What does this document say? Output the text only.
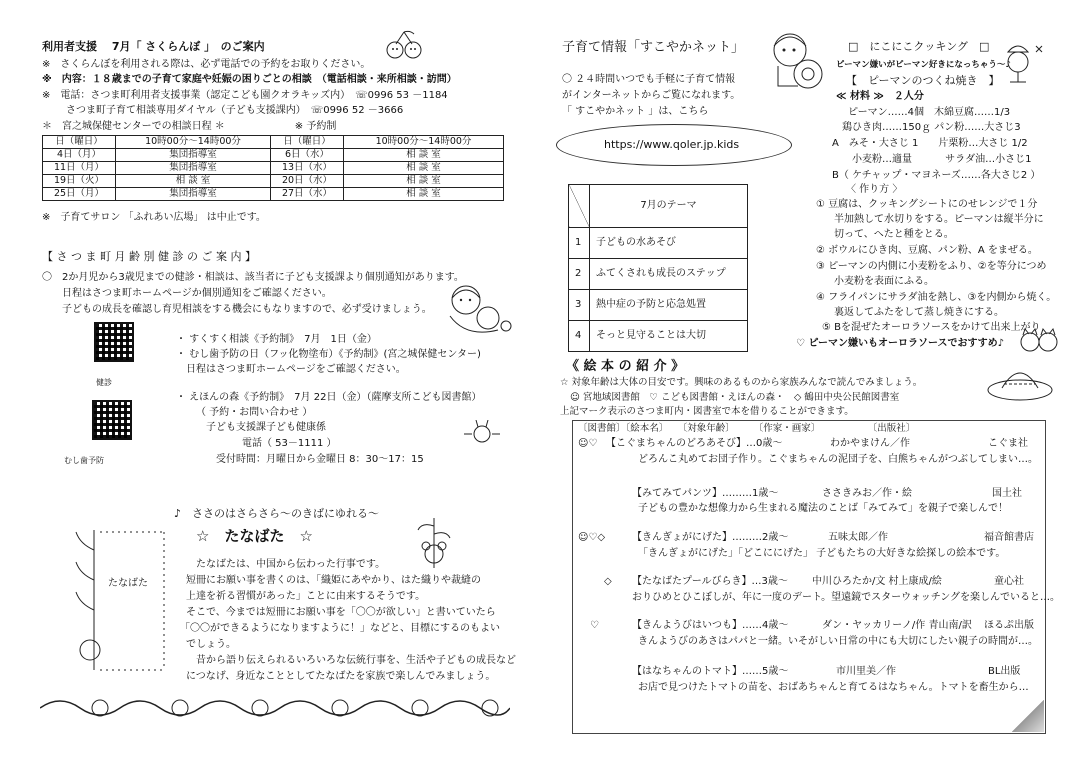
利用者支援　 7月「 さくらんぼ 」　のご案内
※　さくらんぼを利用される際は、必ず電話での予約をお取りください。
※　内容：１８歳までの子育て家庭や妊娠の困りごとの相談　（電話相談・来所相談・訪問）
※　電話：さつま町利用者支援事業（認定こども園クオラキッズ内）　☏0996 53 －1184
さつま町子育て相談専用ダイヤル（子ども支援課内）　☏0996 52 －3666
＊　宮之城保健センターでの相談日程 ＊　　　　　　　※ 予約制
日（曜日）	10時00分～14時00分	日（曜日）	10時00分～14時00分
4日（月）	集団指導室	6日（水）	相 談 室
11日（月）	集団指導室	13日（水）	相 談 室
19日（火）	相 談 室	20日（水）	相 談 室
25日（月）	集団指導室	27日（水）	相 談 室
※　子育てサロン 「ふれあい広場」 は中止です。
【 さ つ ま 町 月 齢 別 健 診 の ご 案 内 】
〇　2か月児から3歳児までの健診・相談は、該当者に子ども支援課より個別通知があります。
日程はさつま町ホームページか個別通知をご確認ください。
子どもの成長を確認し育児相談をする機会にもなりますので、必ず受けましょう。
健診
・ すくすく相談《予約制》　7月　1日（金）
・ むし歯予防の日（フッ化物塗布）《予約制》(宮之城保健センター)
日程はさつま町ホームページをご確認ください。
むし歯予防
・ えほんの森《予約制》　7月 22日（金）（薩摩支所こども図書館）
（ 予約・お問い合わせ ）
子ども支援課子ども健康係
電話（ 53－1111 ）
受付時間：月曜日から金曜日 8：30～17：15
♪　ささのはさらさら～のきばにゆれる～
たなばた
☆　たなばた　☆
たなばたは、中国から伝わった行事です。
短冊にお願い事を書くのは、「織姫にあやかり、はた織りや裁縫の
上達を祈る習慣があった」ことに由来するそうです。
そこで、今までは短冊にお願い事を「〇〇が欲しい」と書いていたら
「〇〇ができるようになりますように！」などと、目標にするのもよい
でしょう。
昔から語り伝えられるいろいろな伝統行事を、生活や子どもの成長など
につなげ、身近なこととしてたなばたを家族で楽しんでみましょう。
子育て情報「すこやかネット」
〇 ２４時間いつでも手軽に子育て情報
がインターネットからご覧になれます。
「 すこやかネット 」は、こちら
https://www.qoler.jp.kids
	7月のテーマ
1	子どもの水あそび
2	ふてくされも成長のステップ
3	熱中症の予防と応急処置
4	そっと見守ることは大切
□　にこにこクッキング　□
ピーマン嫌いがピーマン好きになっちゃう～♪
【　ピーマンのつくね焼き　】
≪ 材料 ≫　２人分
ピーマン……4個　木綿豆腐……1/3
鶏ひき肉……150ｇ パン粉……大さじ3
A　みそ・大さじ 1　　片栗粉…大さじ 1/2
小麦粉…適量　　　 サラダ油…小さじ1
B（ ケチャップ・マヨネーズ……各大さじ2 ）
〈 作り方 〉
① 豆腐は、クッキングシートにのせレンジで１分
半加熱して水切りをする。ピーマンは縦半分に
切って、へたと種をとる。
② ボウルにひき肉、豆腐、パン粉、A をまぜる。
③ ピーマンの内側に小麦粉をふり、②を等分につめ
小麦粉を表面にふる。
④ フライパンにサラダ油を熱し、③を内側から焼く。
裏返してふたをして蒸し焼きにする。
⑤ Bを混ぜたオーロラソースをかけて出来上がり
♡ ピーマン嫌いもオーロラソースでおすすめ♪
《 絵 本 の 紹 介 》
☆ 対象年齢は大体の目安です。興味のあるものから家族みんなで読んでみましょう。
☺ 宮地域図書館　♡ こども図書館・えほんの森・　◇ 鶴田中央公民館図書室
上記マーク表示のさつま町内・図書室で本を借りることができます。
〔図書館〕〔絵本名〕　　〔対象年齢〕　　　〔作家・画家〕　　　　　　〔出版社〕
☺♡ 【こぐまちゃんのどろあそび】…0歳～	わかやまけん／作	こぐま社
どろんこ丸めてお団子作り。こぐまちゃんの泥団子を、白熊ちゃんがつぶしてしまい…。
【みてみてパンツ】………1歳～	ささきみお／作・絵	国土社
子どもの豊かな想像力から生まれる魔法のことば「みてみて」を親子で楽しんで！
☺♡◇	【きんぎょがにげた】………2歳～	五味太郎／作	福音館書店
「きんぎょがにげた」「どこににげた」 子どもたちの大好きな絵探しの絵本です。
◇ 【たなばたプールびらき】…3歳～ 中川ひろたか/文 村上康成/絵	童心社
おりひめとひこぼしが、年に一度のデート。望遠鏡でスターウォッチングを楽しんでいると…。
♡	【きんようびはいつも】……4歳～	ダン・ヤッカリーノ/作 青山南/訳 ほるぷ出版
きんようびのあさはパパと一緒。いそがしい日常の中にも大切にしたい親子の時間が…。
【はなちゃんのトマト】……5歳～	市川里美／作	BL出版
お店で見つけたトマトの苗を、おばあちゃんと育てるはなちゃん。トマトを畜生から…
